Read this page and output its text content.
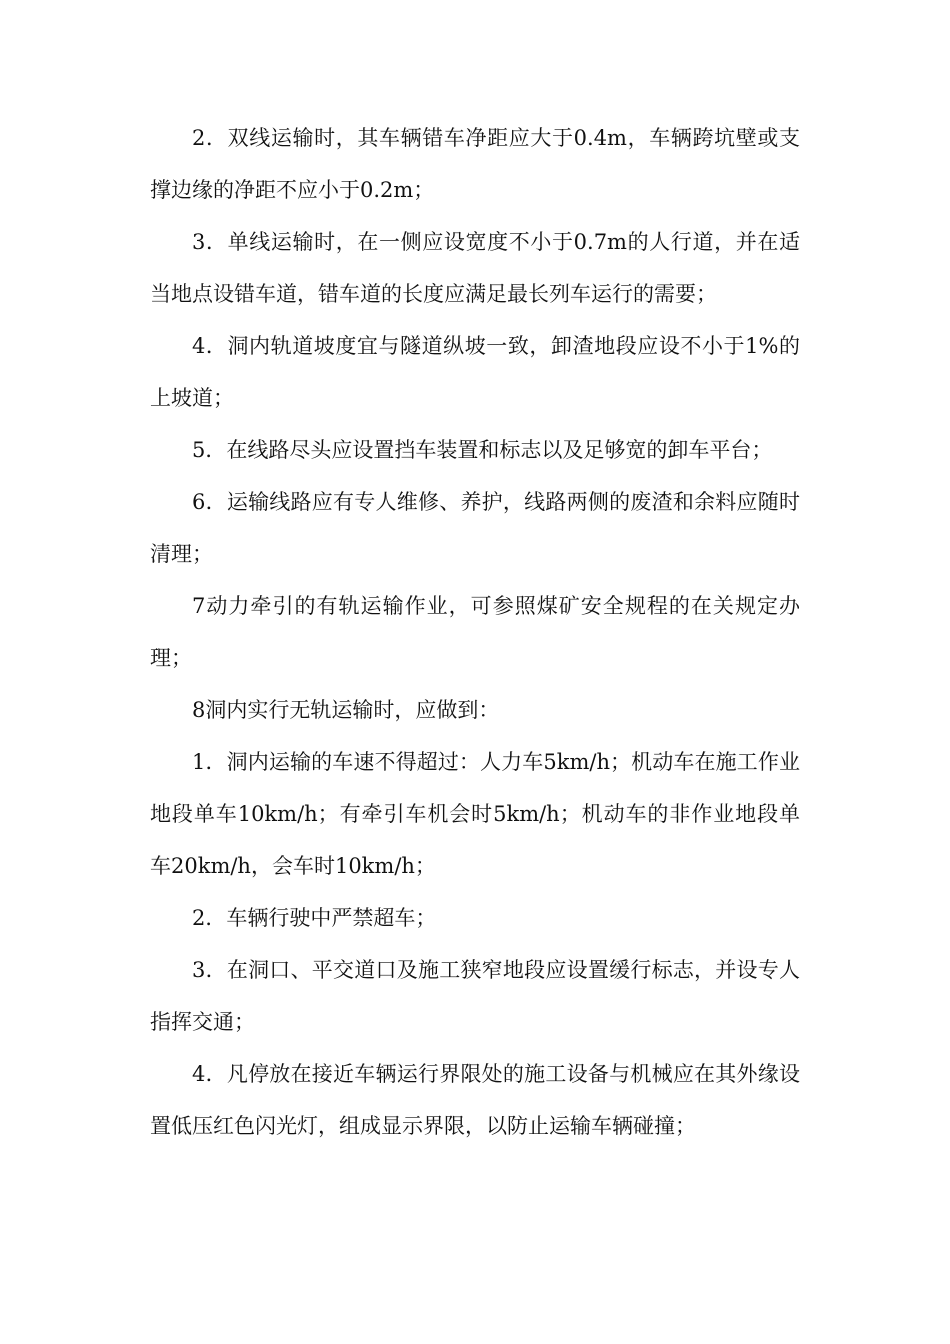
2．双线运输时，其车辆错车净距应大于0.4m，车辆跨坑壁或支撑边缘的净距不应小于0.2m；

3．单线运输时，在一侧应设宽度不小于0.7m的人行道，并在适当地点设错车道，错车道的长度应满足最长列车运行的需要；

4．洞内轨道坡度宜与隧道纵坡一致，卸渣地段应设不小于1%的上坡道；

5．在线路尽头应设置挡车装置和标志以及足够宽的卸车平台；

6．运输线路应有专人维修、养护，线路两侧的废渣和余料应随时清理；

7动力牵引的有轨运输作业，可参照煤矿安全规程的在关规定办理；

8洞内实行无轨运输时，应做到：

1．洞内运输的车速不得超过：人力车5km/h；机动车在施工作业地段单车10km/h；有牵引车机会时5km/h；机动车的非作业地段单车20km/h，会车时10km/h；

2．车辆行驶中严禁超车；

3．在洞口、平交道口及施工狭窄地段应设置缓行标志，并设专人指挥交通；

4．凡停放在接近车辆运行界限处的施工设备与机械应在其外缘设置低压红色闪光灯，组成显示界限，以防止运输车辆碰撞；
